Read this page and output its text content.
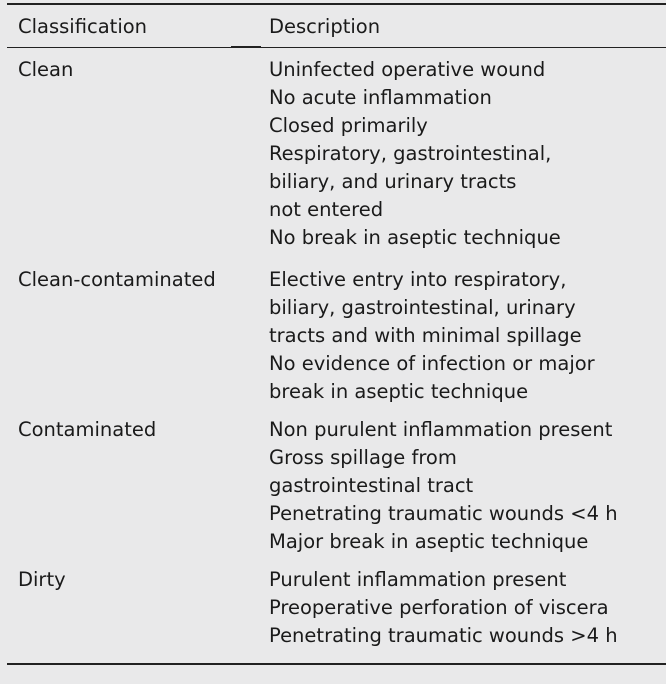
Classification	Description
Clean	Uninfected operative wound
No acute inflammation
Closed primarily
Respiratory, gastrointestinal,
biliary, and urinary tracts
not entered
No break in aseptic technique
Clean-contaminated	Elective entry into respiratory,
biliary, gastrointestinal, urinary
tracts and with minimal spillage
No evidence of infection or major
break in aseptic technique
Contaminated	Non purulent inflammation present
Gross spillage from
gastrointestinal tract
Penetrating traumatic wounds <4 h
Major break in aseptic technique
Dirty	Purulent inflammation present
Preoperative perforation of viscera
Penetrating traumatic wounds >4 h
